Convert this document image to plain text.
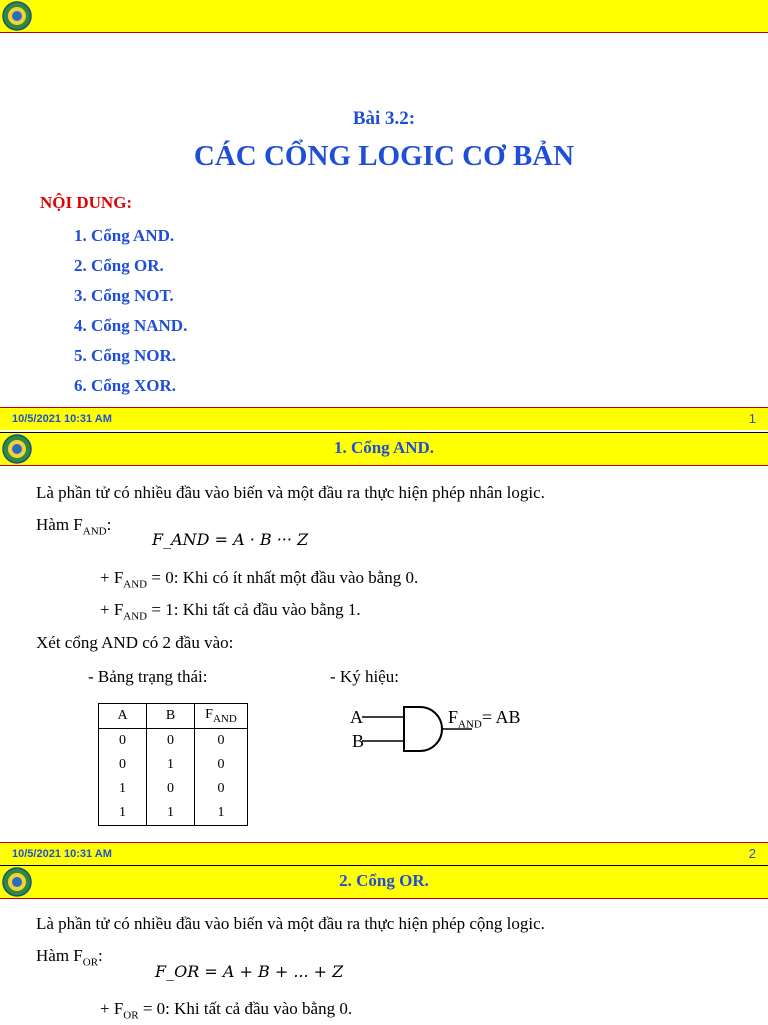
Bài 3.2:
CÁC CỔNG LOGIC CƠ BẢN
NỘI DUNG:
1. Cổng AND.
2. Cổng OR.
3. Cổng NOT.
4. Cổng NAND.
5. Cổng NOR.
6. Cổng XOR.
10/5/2021 10:31 AM	1
1. Cổng AND.
Là phần tử có nhiều đầu vào biến và một đầu ra thực hiện phép nhân logic.
Hàm $F_{AND}$:
F_AND = A · B ··· Z
+ $F_{AND} = 0$: Khi có ít nhất một đầu vào bằng 0.
+ $F_{AND} = 1$: Khi tất cả đầu vào bằng 1.
Xét cổng AND có 2 đầu vào:
- Bảng trạng thái:	- Ký hiệu:
A	B	$F_{AND}$
0	0	0
0	1	0
1	0	0
1	1	1
A
B
$F_{AND}=$ AB
10/5/2021 10:31 AM	2
2. Cổng OR.
Là phần tử có nhiều đầu vào biến và một đầu ra thực hiện phép cộng logic.
Hàm $F_{OR}$:
F_OR = A + B + ... + Z
+ $F_{OR} = 0$: Khi tất cả đầu vào bằng 0.
